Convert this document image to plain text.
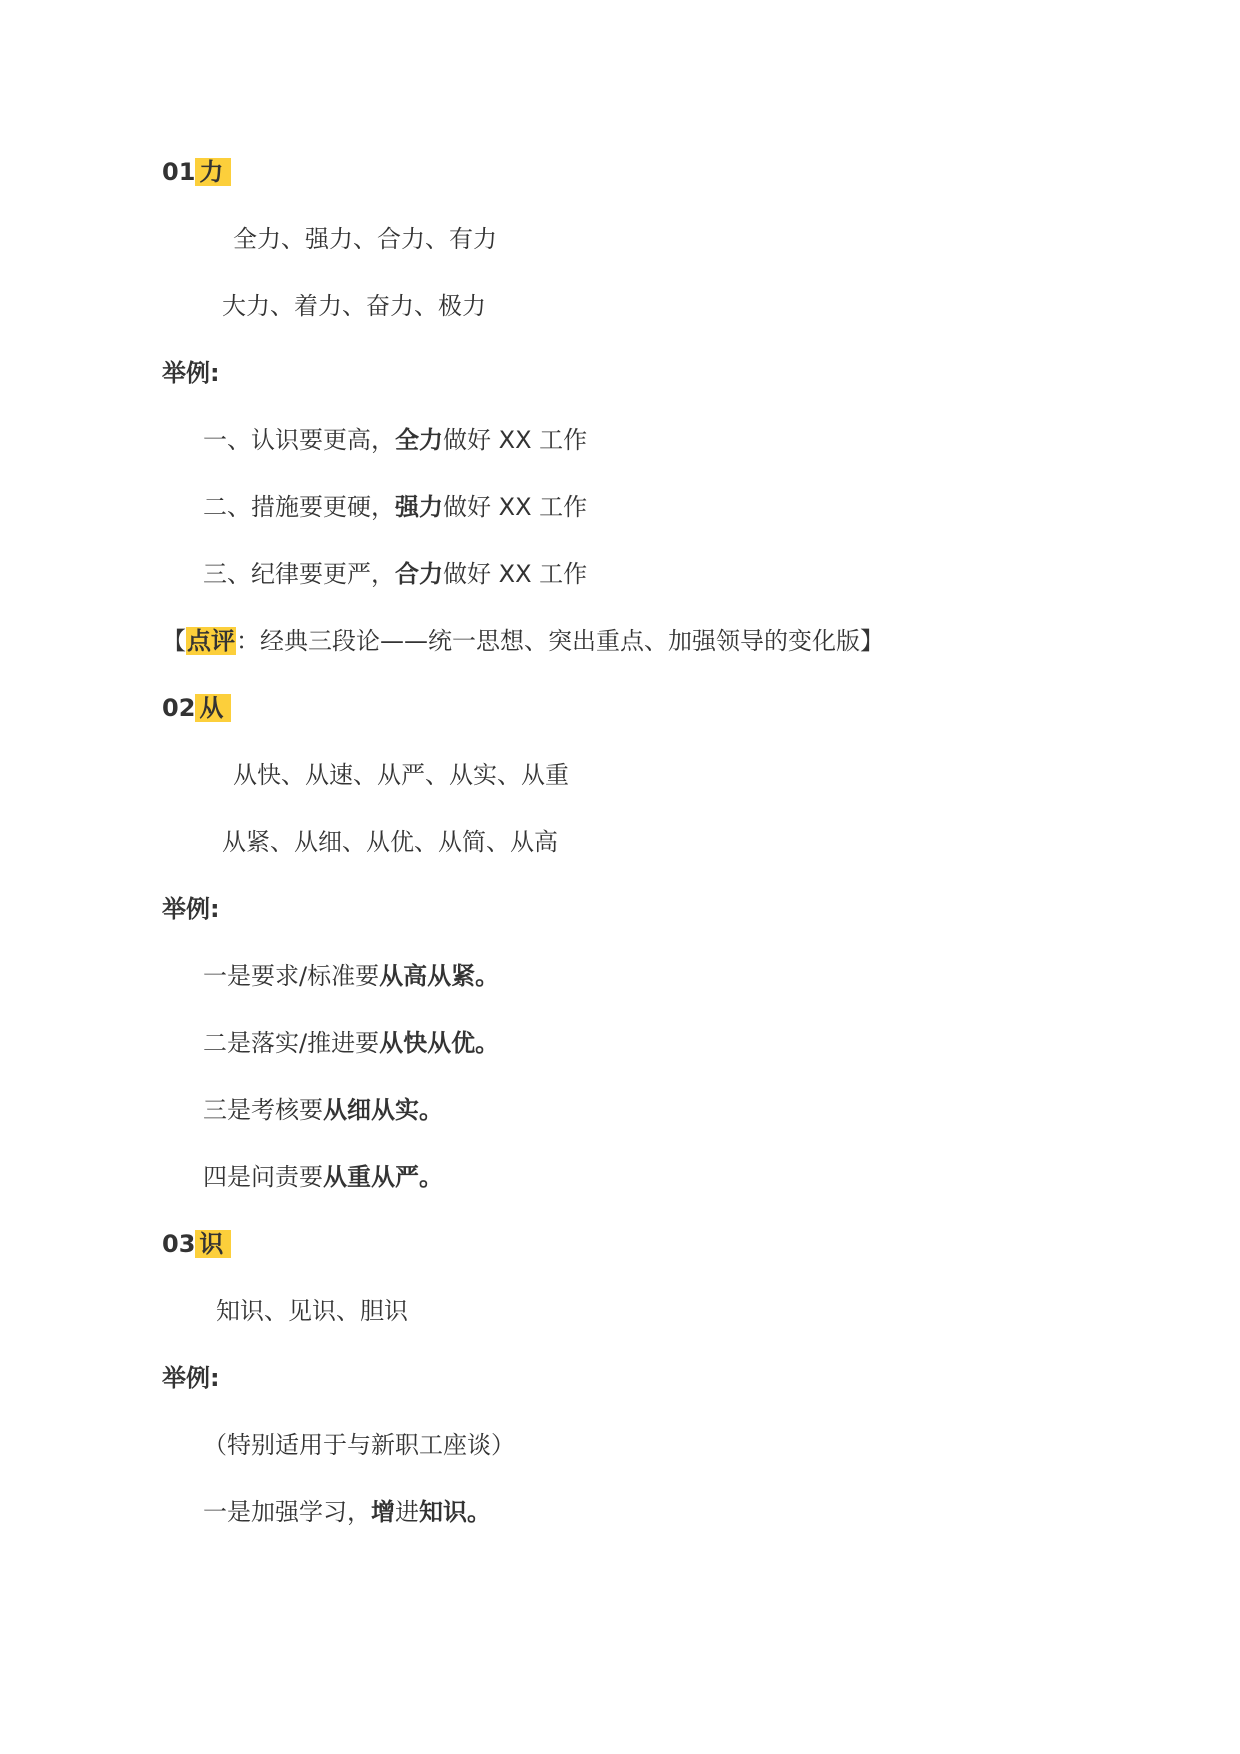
01 力
全力、强力、合力、有力
大力、着力、奋力、极力
举例:
一、认识要更高，全力做好 XX 工作
二、措施要更硬，强力做好 XX 工作
三、纪律要更严，合力做好 XX 工作
【点评：经典三段论——统一思想、突出重点、加强领导的变化版】
02 从
从快、从速、从严、从实、从重
从紧、从细、从优、从简、从高
举例:
一是要求/标准要从高从紧。
二是落实/推进要从快从优。
三是考核要从细从实。
四是问责要从重从严。
03 识
知识、见识、胆识
举例:
（特别适用于与新职工座谈）
一是加强学习，增进知识。
